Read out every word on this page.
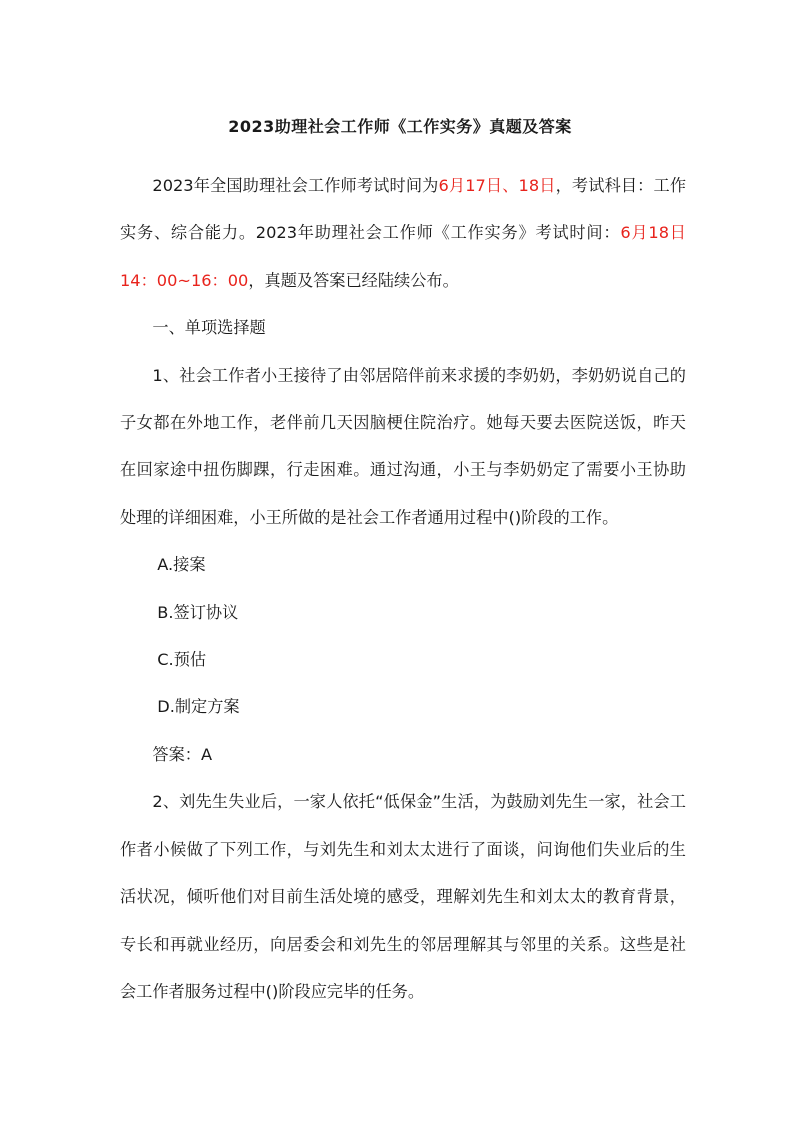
2023助理社会工作师《工作实务》真题及答案

2023年全国助理社会工作师考试时间为6月17日、18日，考试科目：工作实务、综合能力。2023年助理社会工作师《工作实务》考试时间：6月18日14：00~16：00，真题及答案已经陆续公布。

一、单项选择题

1、社会工作者小王接待了由邻居陪伴前来求援的李奶奶，李奶奶说自己的子女都在外地工作，老伴前几天因脑梗住院治疗。她每天要去医院送饭，昨天在回家途中扭伤脚踝，行走困难。通过沟通，小王与李奶奶定了需要小王协助处理的详细困难，小王所做的是社会工作者通用过程中()阶段的工作。

A.接案

B.签订协议

C.预估

D.制定方案

答案：A

2、刘先生失业后，一家人依托“低保金”生活，为鼓励刘先生一家，社会工作者小候做了下列工作，与刘先生和刘太太进行了面谈，问询他们失业后的生活状况，倾听他们对目前生活处境的感受，理解刘先生和刘太太的教育背景，专长和再就业经历，向居委会和刘先生的邻居理解其与邻里的关系。这些是社会工作者服务过程中()阶段应完毕的任务。
